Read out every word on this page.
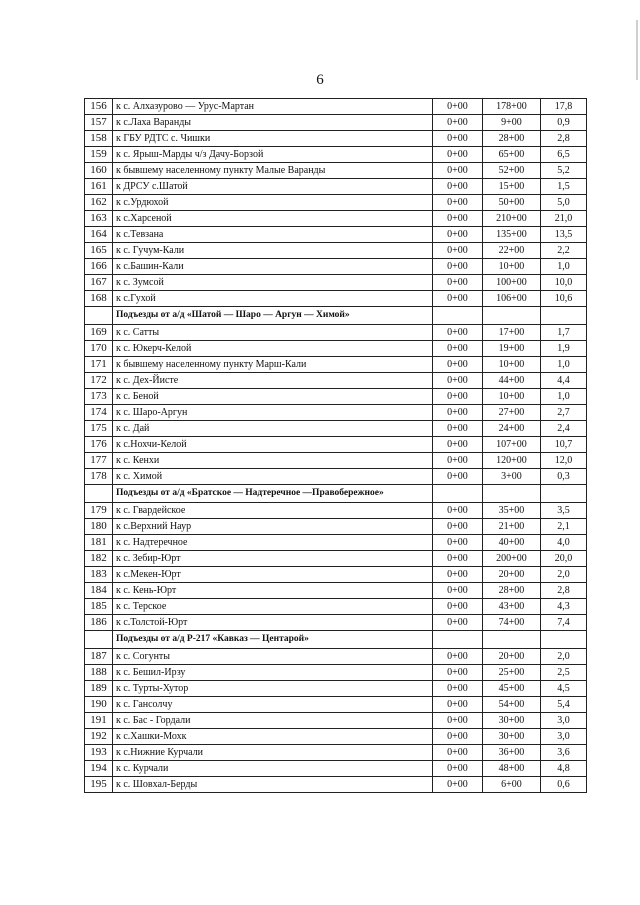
6
156	к с. Алхазурово — Урус-Мартан	0+00	178+00	17,8
157	к с.Лаха Варанды	0+00	9+00	0,9
158	к ГБУ РДТС с. Чишки	0+00	28+00	2,8
159	к с. Ярыш-Марды ч/з Дачу-Борзой	0+00	65+00	6,5
160	к бывшему населенному пункту Малые Варанды	0+00	52+00	5,2
161	к ДРСУ с.Шатой	0+00	15+00	1,5
162	к с.Урдюхой	0+00	50+00	5,0
163	к с.Харсеной	0+00	210+00	21,0
164	к с.Тевзана	0+00	135+00	13,5
165	к с. Гучум-Кали	0+00	22+00	2,2
166	к с.Башин-Кали	0+00	10+00	1,0
167	к с. Зумсой	0+00	100+00	10,0
168	к с.Гухой	0+00	106+00	10,6
	Подъезды от а/д «Шатой — Шаро — Аргун — Химой»			
169	к с. Сатты	0+00	17+00	1,7
170	к с. Юкерч-Келой	0+00	19+00	1,9
171	к бывшему населенному пункту Марш-Кали	0+00	10+00	1,0
172	к с. Дех-Йисте	0+00	44+00	4,4
173	к с. Беной	0+00	10+00	1,0
174	к с. Шаро-Аргун	0+00	27+00	2,7
175	к с. Дай	0+00	24+00	2,4
176	к с.Нохчи-Келой	0+00	107+00	10,7
177	к с. Кенхи	0+00	120+00	12,0
178	к с. Химой	0+00	3+00	0,3
	Подъезды от а/д «Братское — Надтеречное —Правобережное»			
179	к с. Гвардейское	0+00	35+00	3,5
180	к с.Верхний Наур	0+00	21+00	2,1
181	к с. Надтеречное	0+00	40+00	4,0
182	к с. Зебир-Юрт	0+00	200+00	20,0
183	к с.Мекен-Юрт	0+00	20+00	2,0
184	к с. Кень-Юрт	0+00	28+00	2,8
185	к с. Терское	0+00	43+00	4,3
186	к с.Толстой-Юрт	0+00	74+00	7,4
	Подъезды от а/д Р-217 «Кавказ — Центарой»			
187	к с. Согунты	0+00	20+00	2,0
188	к с. Бешил-Ирзу	0+00	25+00	2,5
189	к с. Турты-Хутор	0+00	45+00	4,5
190	к с. Гансолчу	0+00	54+00	5,4
191	к с. Бас - Гордали	0+00	30+00	3,0
192	к с.Хашки-Мохк	0+00	30+00	3,0
193	к с.Нижние Курчали	0+00	36+00	3,6
194	к с. Курчали	0+00	48+00	4,8
195	к с. Шовхал-Берды	0+00	6+00	0,6
